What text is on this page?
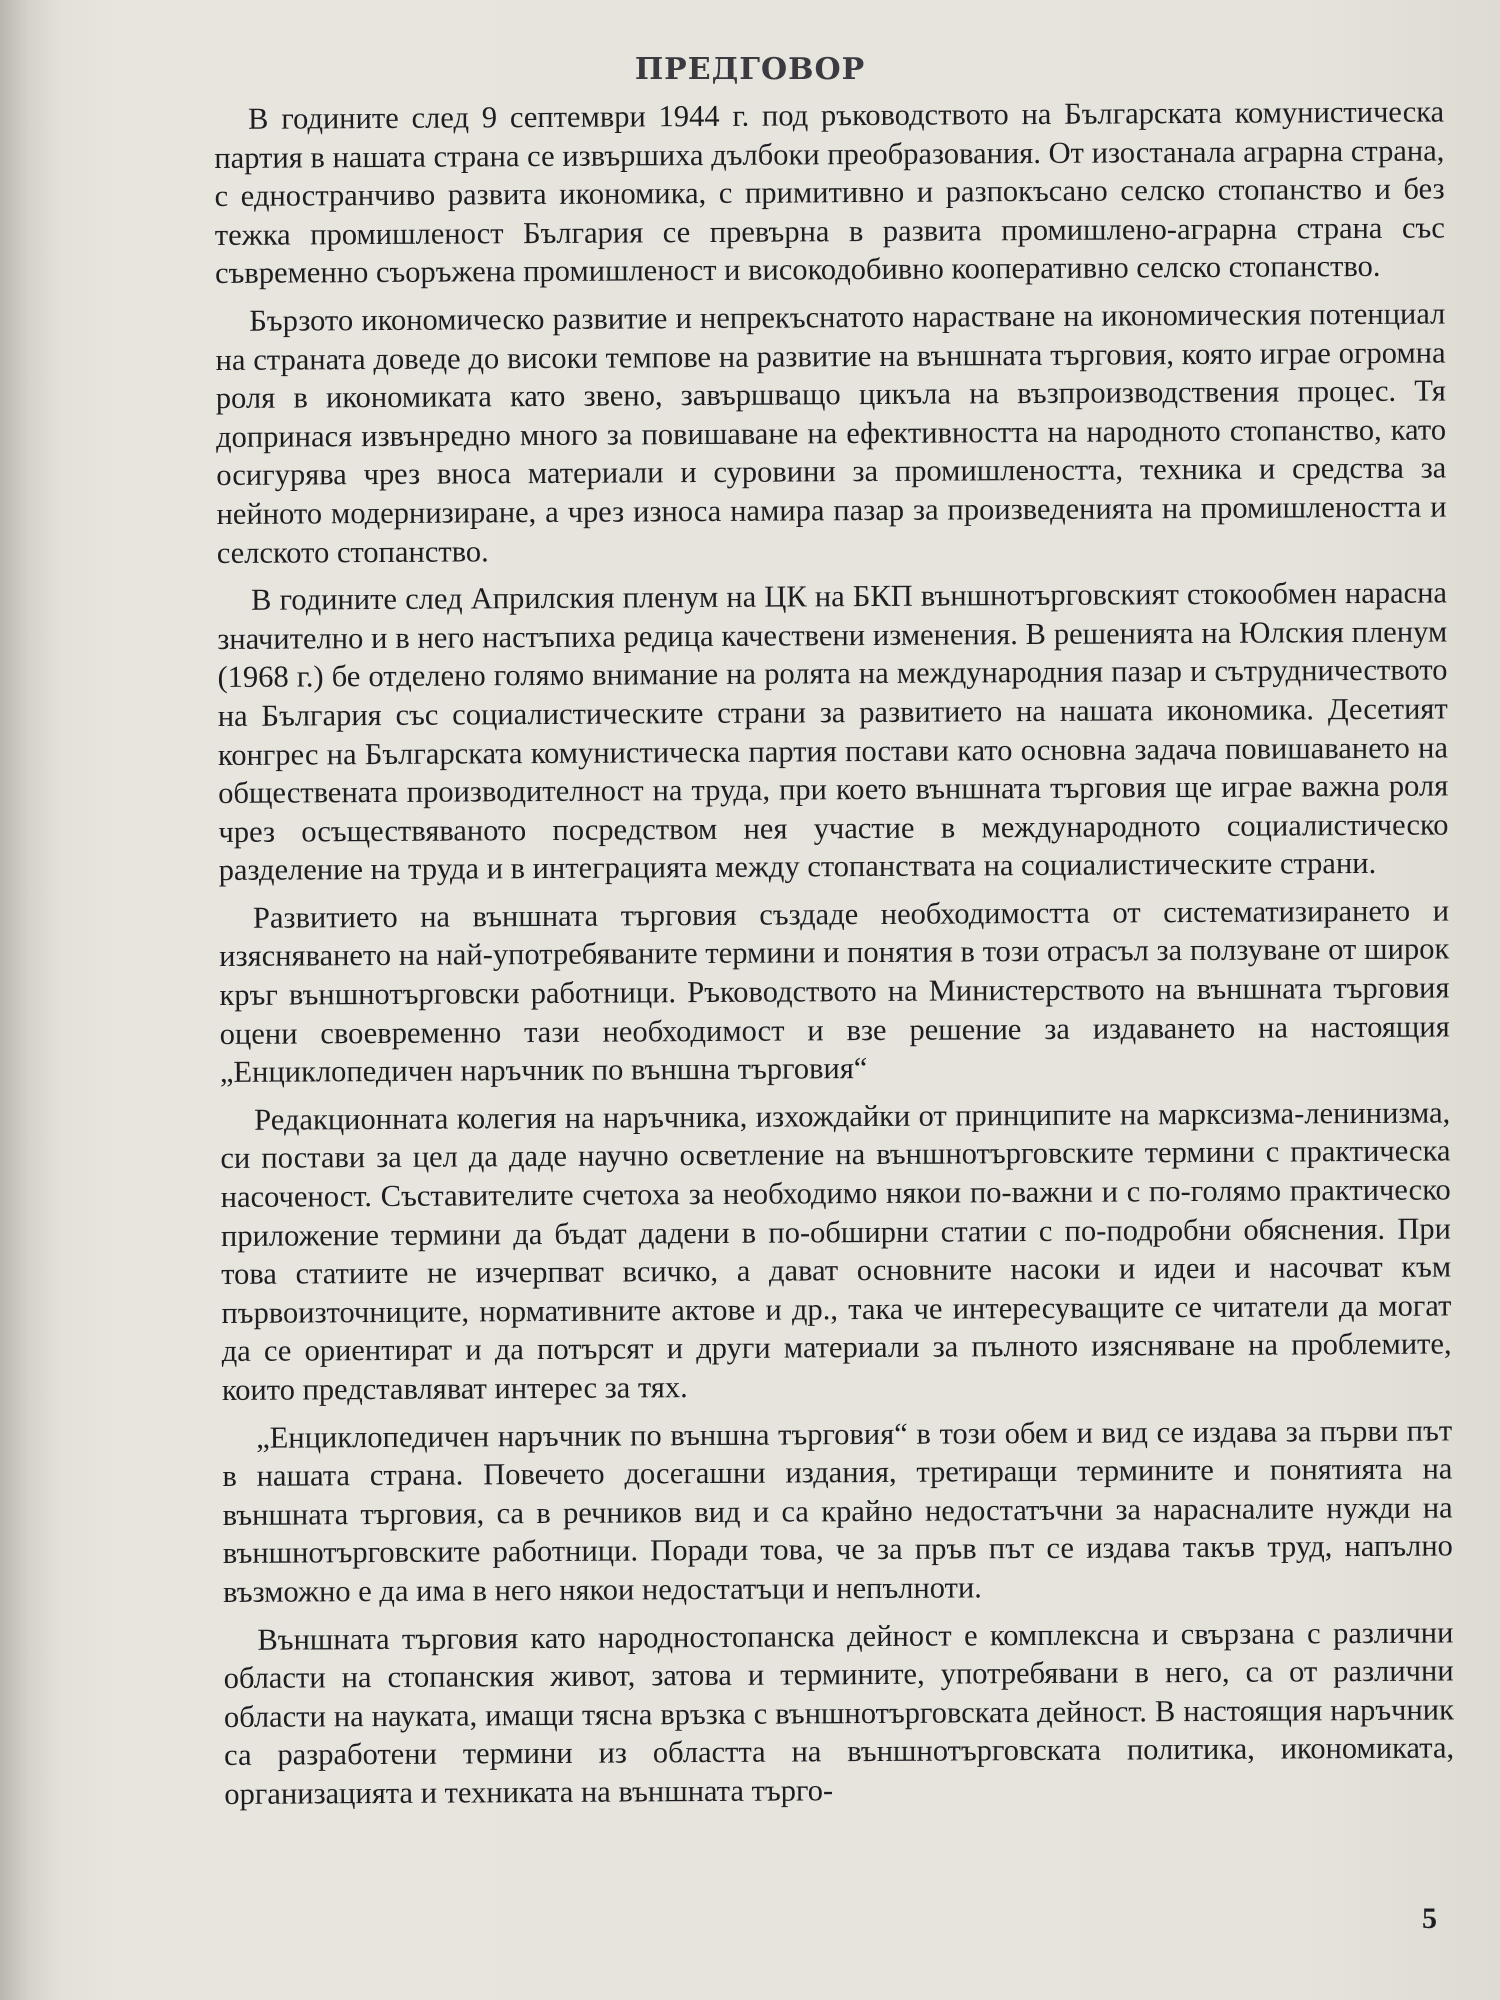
ПРЕДГОВОР

В годините след 9 септември 1944 г. под ръководството на Българската комунистическа партия в нашата страна се извършиха дълбоки преобразования. От изостанала аграрна страна, с едностранчиво развита икономика, с примитивно и разпокъсано селско стопанство и без тежка промишленост България се превърна в развита промишлено-аграрна страна със съвременно съоръжена промишленост и високодобивно кооперативно селско стопанство.

Бързото икономическо развитие и непрекъснатото нарастване на икономическия потенциал на страната доведе до високи темпове на развитие на външната търговия, която играе огромна роля в икономиката като звено, завършващо цикъла на възпроизводствения процес. Тя допринася извънредно много за повишаване на ефективността на народното стопанство, като осигурява чрез вноса материали и суровини за промишлеността, техника и средства за нейното модернизиране, а чрез износа намира пазар за произведенията на промишлеността и селското стопанство.

В годините след Априлския пленум на ЦК на БКП външнотърговският стокообмен нарасна значително и в него настъпиха редица качествени изменения. В решенията на Юлския пленум (1968 г.) бе отделено голямо внимание на ролята на международния пазар и сътрудничеството на България със социалистическите страни за развитието на нашата икономика. Десетият конгрес на Българската комунистическа партия постави като основна задача повишаването на обществената производителност на труда, при което външната търговия ще играе важна роля чрез осъществяваното посредством нея участие в международното социалистическо разделение на труда и в интеграцията между стопанствата на социалистическите страни.

Развитието на външната търговия създаде необходимостта от систематизирането и изясняването на най-употребяваните термини и понятия в този отрасъл за ползуване от широк кръг външнотърговски работници. Ръководството на Министерството на външната търговия оцени своевременно тази необходимост и взе решение за издаването на настоящия „Енциклопедичен наръчник по външна търговия“

Редакционната колегия на наръчника, изхождайки от принципите на марксизма-ленинизма, си постави за цел да даде научно осветление на външнотърговските термини с практическа насоченост. Съставителите счетоха за необходимо някои по-важни и с по-голямо практическо приложение термини да бъдат дадени в по-обширни статии с по-подробни обяснения. При това статиите не изчерпват всичко, а дават основните насоки и идеи и насочват към първоизточниците, нормативните актове и др., така че интересуващите се читатели да могат да се ориентират и да потърсят и други материали за пълното изясняване на проблемите, които представляват интерес за тях.

„Енциклопедичен наръчник по външна търговия“ в този обем и вид се издава за първи път в нашата страна. Повечето досегашни издания, третиращи термините и понятията на външната търговия, са в речников вид и са крайно недостатъчни за нарасналите нужди на външнотърговските работници. Поради това, че за пръв път се издава такъв труд, напълно възможно е да има в него някои недостатъци и непълноти.

Външната търговия като народностопанска дейност е комплексна и свързана с различни области на стопанския живот, затова и термините, употребявани в него, са от различни области на науката, имащи тясна връзка с външнотърговската дейност. В настоящия наръчник са разработени термини из областта на външнотърговската политика, икономиката, организацията и техниката на външната търго-

5
